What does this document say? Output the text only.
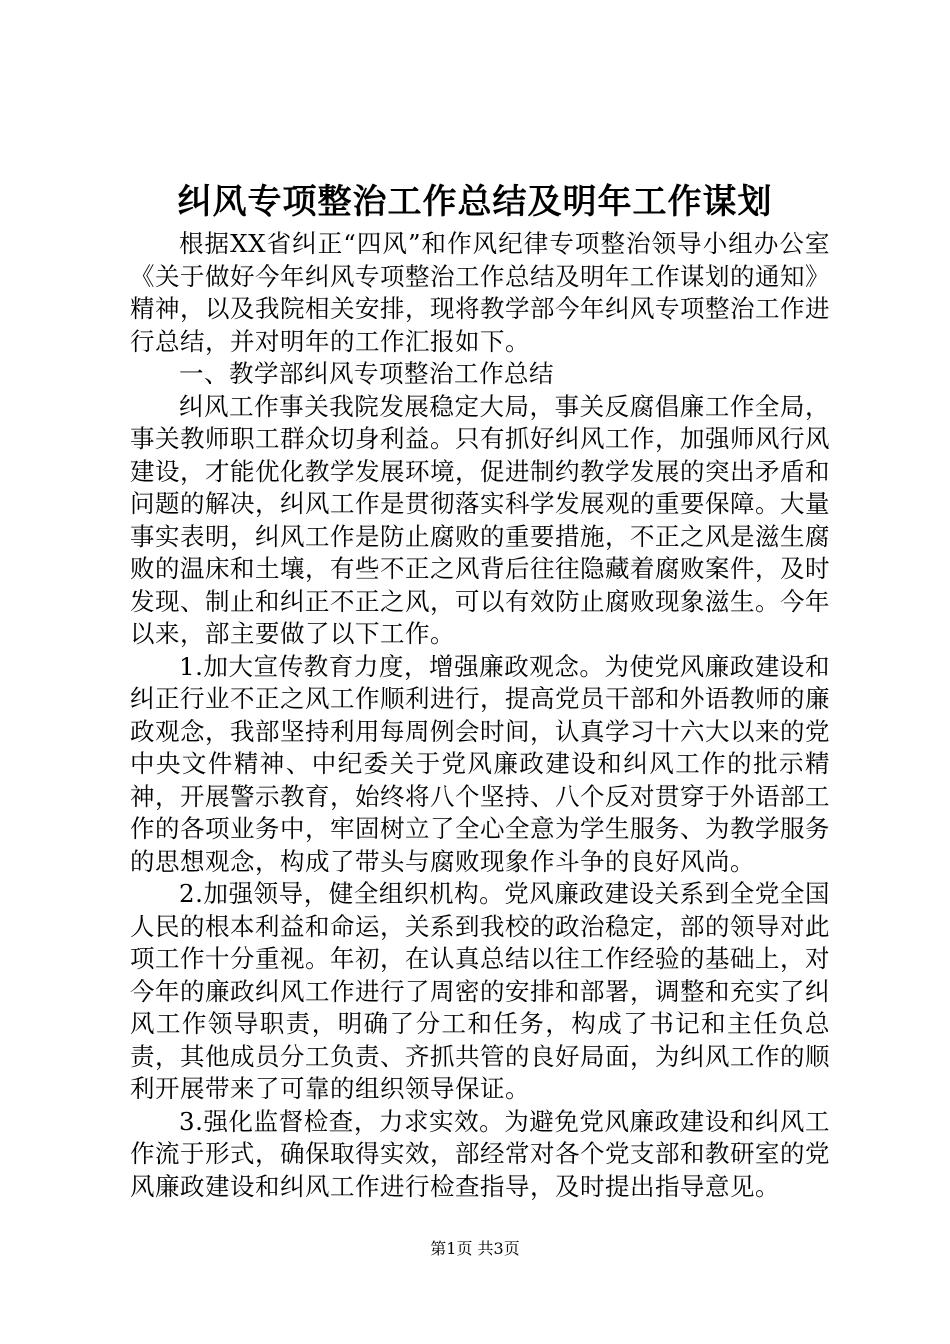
纠风专项整治工作总结及明年工作谋划

根据XX省纠正“四风”和作风纪律专项整治领导小组办公室《关于做好今年纠风专项整治工作总结及明年工作谋划的通知》精神，以及我院相关安排，现将教学部今年纠风专项整治工作进行总结，并对明年的工作汇报如下。

一、教学部纠风专项整治工作总结

纠风工作事关我院发展稳定大局，事关反腐倡廉工作全局，事关教师职工群众切身利益。只有抓好纠风工作，加强师风行风建设，才能优化教学发展环境，促进制约教学发展的突出矛盾和问题的解决，纠风工作是贯彻落实科学发展观的重要保障。大量事实表明，纠风工作是防止腐败的重要措施，不正之风是滋生腐败的温床和土壤，有些不正之风背后往往隐藏着腐败案件，及时发现、制止和纠正不正之风，可以有效防止腐败现象滋生。今年以来，部主要做了以下工作。

1.加大宣传教育力度，增强廉政观念。为使党风廉政建设和纠正行业不正之风工作顺利进行，提高党员干部和外语教师的廉政观念，我部坚持利用每周例会时间，认真学习十六大以来的党中央文件精神、中纪委关于党风廉政建设和纠风工作的批示精神，开展警示教育，始终将八个坚持、八个反对贯穿于外语部工作的各项业务中，牢固树立了全心全意为学生服务、为教学服务的思想观念，构成了带头与腐败现象作斗争的良好风尚。

2.加强领导，健全组织机构。党风廉政建设关系到全党全国人民的根本利益和命运，关系到我校的政治稳定，部的领导对此项工作十分重视。年初，在认真总结以往工作经验的基础上，对今年的廉政纠风工作进行了周密的安排和部署，调整和充实了纠风工作领导职责，明确了分工和任务，构成了书记和主任负总责，其他成员分工负责、齐抓共管的良好局面，为纠风工作的顺利开展带来了可靠的组织领导保证。

3.强化监督检查，力求实效。为避免党风廉政建设和纠风工作流于形式，确保取得实效，部经常对各个党支部和教研室的党风廉政建设和纠风工作进行检查指导，及时提出指导意见。

第1页 共3页
